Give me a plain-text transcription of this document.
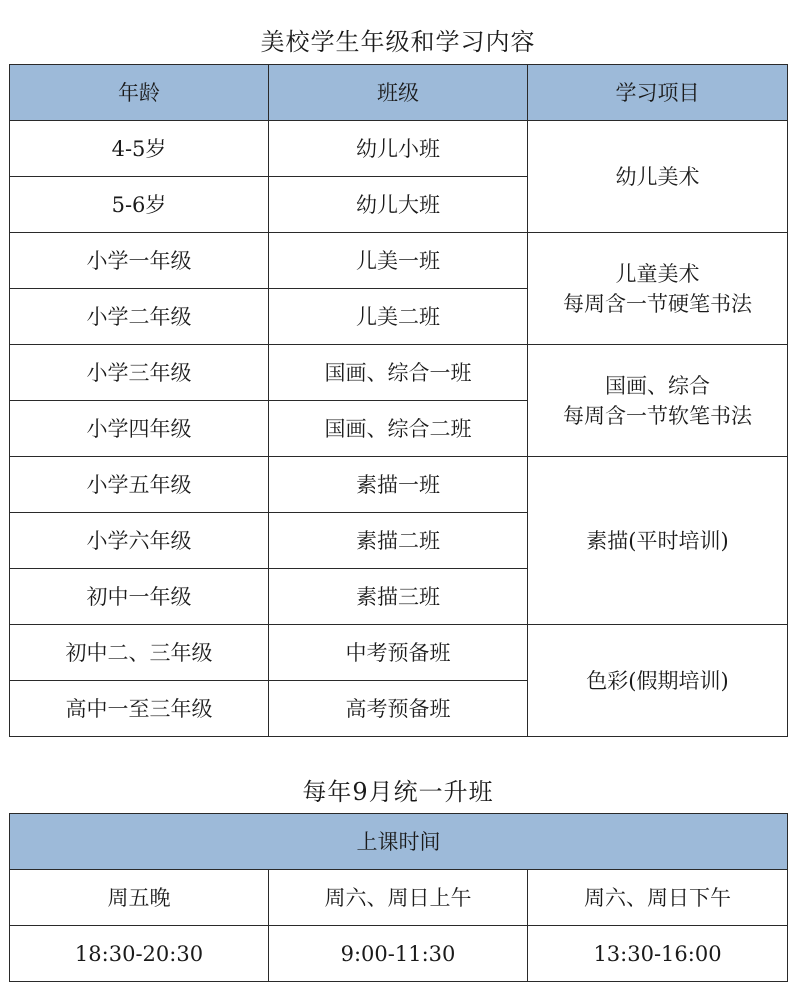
美校学生年级和学习内容
年龄	班级	学习项目
4-5岁	幼儿小班	幼儿美术

5-6岁	幼儿大班	
小学一年级	儿美一班	儿童美术
每周含一节硬笔书法

小学二年级	儿美二班	
小学三年级	国画、综合一班	国画、综合
每周含一节软笔书法

小学四年级	国画、综合二班	
小学五年级	素描一班	素描(平时培训)

小学六年级	素描二班	
初中一年级	素描三班	
初中二、三年级	中考预备班	色彩(假期培训)

高中一至三年级	高考预备班	
每年9月统一升班
上课时间		
周五晚	周六、周日上午	周六、周日下午
18:30-20:30	9:00-11:30	13:30-16:00
